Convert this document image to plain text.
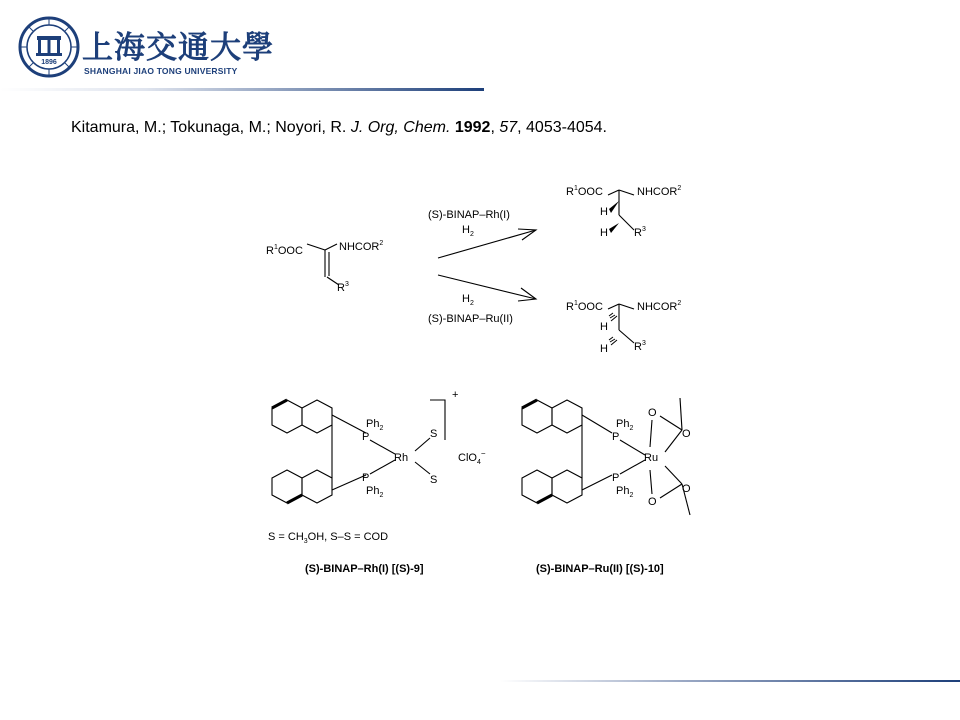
1896 上海交通大學
SHANGHAI JIAO TONG UNIVERSITY
Kitamura, M.; Tokunaga, M.; Noyori, R. J. Org, Chem. 1992, 57, 4053-4054.
$R^1OOC$	NHCOR$^2$
$R^3$
(S)-BINAP–Rh(I)
$H_2$
$H_2$
(S)-BINAP–Ru(II)
$R^1OOC$	NHCOR$^2$
H
H $R^3$
$R^1OOC$	NHCOR$^2$
H
H $R^3$
$Ph_2$
P
Rh
P
$Ph_2$
S
S
+
ClO$_4$−
$Ph_2$
P
Ru
P
$Ph_2$
O
O
O
O
$S = CH_3OH$, S–S = COD
(S)-BINAP–Rh(I) [(S)-9]	(S)-BINAP–Ru(II) [(S)-10]
